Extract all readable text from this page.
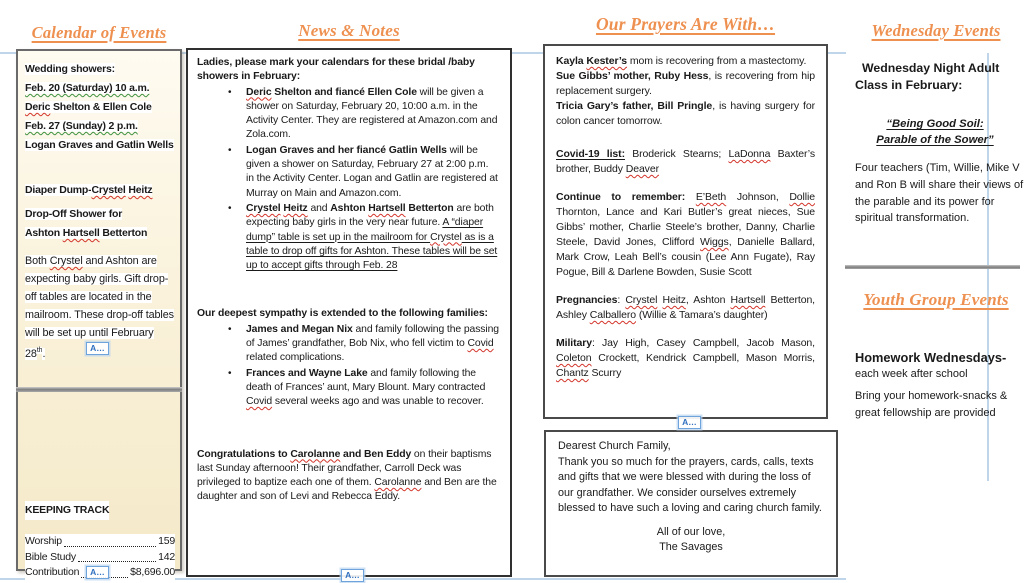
Calendar of Events	News & Notes	Our Prayers Are With…	Wednesday Events
Wedding showers:
Feb. 20 (Saturday) 10 a.m.
Deric Shelton & Ellen Cole
Feb. 27 (Sunday) 2 p.m.
Logan Graves and Gatlin Wells
Diaper Dump-Crystel Heitz
Drop-Off Shower for
Ashton Hartsell Betterton
Both Crystel and Ashton are expecting baby girls. Gift drop-off tables are located in the mailroom. These drop-off tables will be set up until February 28th.
KEEPING TRACK
Worship	159
Bible Study	142
Contribution	$8,696.00
Ladies, please mark your calendars for these bridal /baby showers in February:
• Deric Shelton and fiancé Ellen Cole will be given a shower on Saturday, February 20, 10:00 a.m. in the Activity Center. They are registered at Amazon.com and Zola.com.
• Logan Graves and her fiancé Gatlin Wells will be given a shower on Saturday, February 27 at 2:00 p.m. in the Activity Center. Logan and Gatlin are registered at Murray on Main and Amazon.com.
• Crystel Heitz and Ashton Hartsell Betterton are both expecting baby girls in the very near future. A “diaper dump” table is set up in the mailroom for Crystel as is a table to drop off gifts for Ashton. These tables will be set up to accept gifts through Feb. 28
Our deepest sympathy is extended to the following families:
• James and Megan Nix and family following the passing of James’ grandfather, Bob Nix, who fell victim to Covid related complications.
• Frances and Wayne Lake and family following the death of Frances’ aunt, Mary Blount. Mary contracted Covid several weeks ago and was unable to recover.
Congratulations to Carolanne and Ben Eddy on their baptisms last Sunday afternoon! Their grandfather, Carroll Deck was privileged to baptize each one of them. Carolanne and Ben are the daughter and son of Levi and Rebecca Eddy.
Kayla Kester’s mom is recovering from a mastectomy.
Sue Gibbs’ mother, Ruby Hess, is recovering from hip replacement surgery.
Tricia Gary’s father, Bill Pringle, is having surgery for colon cancer tomorrow.
Covid-19 list: Broderick Stearns; LaDonna Baxter’s brother, Buddy Deaver
Continue to remember: E’Beth Johnson, Dollie Thornton, Lance and Kari Butler’s great nieces, Sue Gibbs’ mother, Charlie Steele’s brother, Danny, Charlie Steele, David Jones, Clifford Wiggs, Danielle Ballard, Mark Crow, Leah Bell’s cousin (Lee Ann Fugate), Ray Pogue, Bill & Darlene Bowden, Susie Scott
Pregnancies: Crystel Heitz, Ashton Hartsell Betterton, Ashley Calballero (Willie & Tamara’s daughter)
Military: Jay High, Casey Campbell, Jacob Mason, Coleton Crockett, Kendrick Campbell, Mason Morris, Chantz Scurry
Dearest Church Family,
Thank you so much for the prayers, cards, calls, texts and gifts that we were blessed with during the loss of our grandfather. We consider ourselves extremely blessed to have such a loving and caring church family.
All of our love,
The Savages
Wednesday Night Adult Class in February:
“Being Good Soil:
Parable of the Sower”
Four teachers (Tim, Willie, Mike V and Ron B will share their views of the parable and its power for spiritual transformation.
Youth Group Events
Homework Wednesdays-
each week after school
Bring your homework-snacks & great fellowship are provided
A…
A…	A…
A…
